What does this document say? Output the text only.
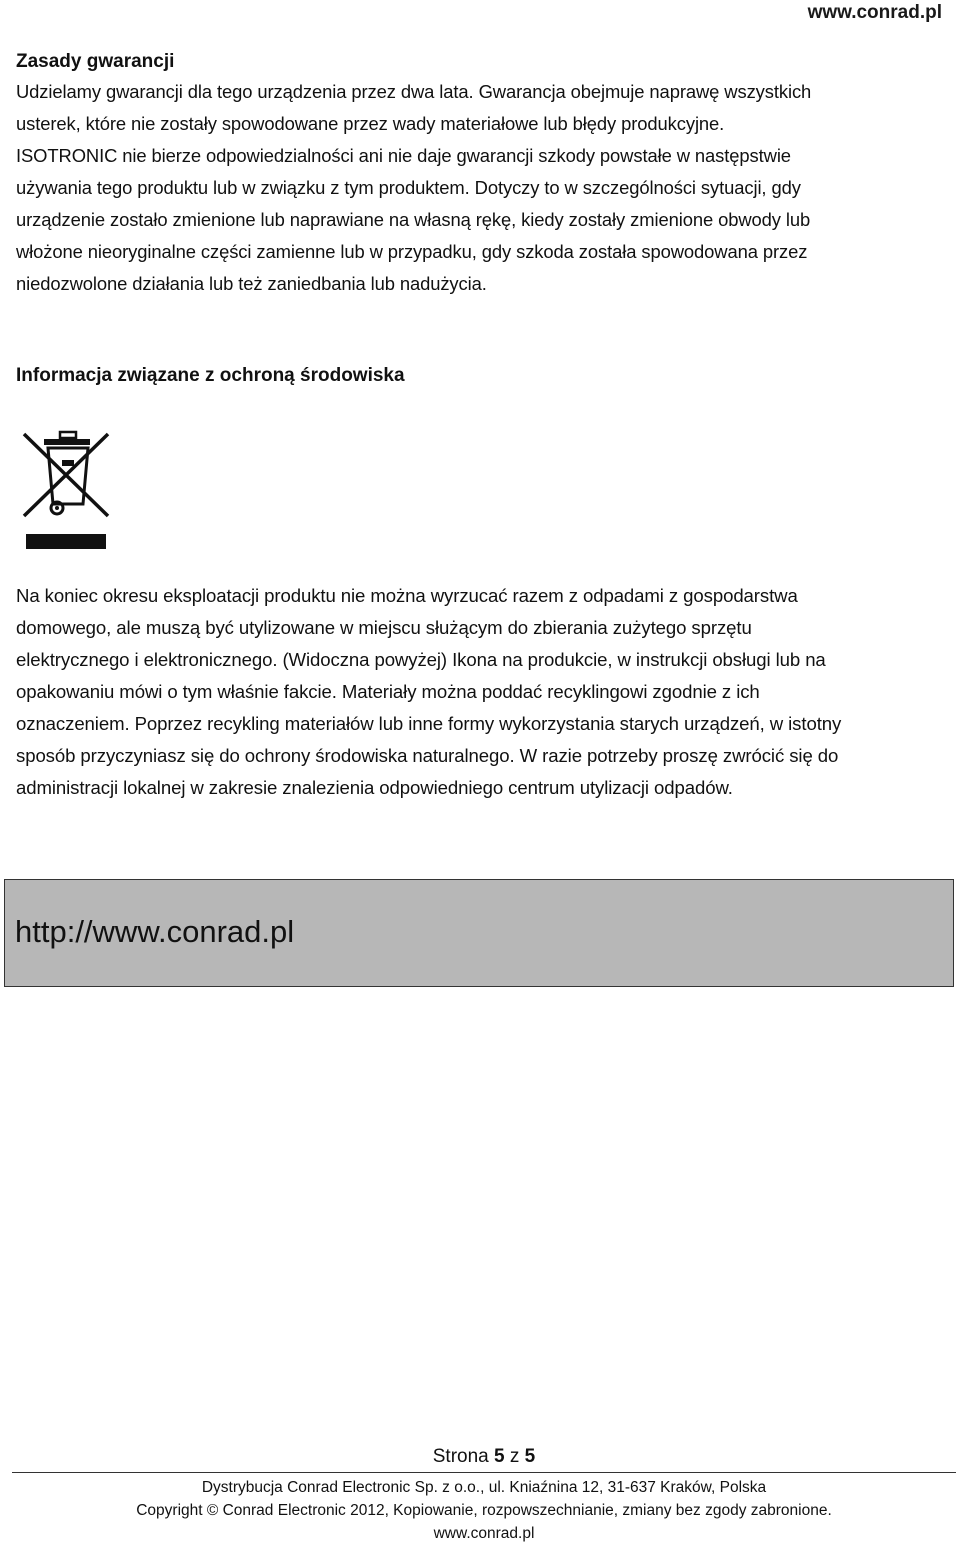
www.conrad.pl
Zasady gwarancji
Udzielamy gwarancji dla tego urządzenia przez dwa lata. Gwarancja obejmuje naprawę wszystkich
usterek, które nie zostały spowodowane przez wady materiałowe lub błędy produkcyjne.
ISOTRONIC nie bierze odpowiedzialności ani nie daje gwarancji szkody powstałe w następstwie
używania tego produktu lub w związku z tym produktem. Dotyczy to w szczególności sytuacji, gdy
urządzenie zostało zmienione lub naprawiane na własną rękę, kiedy zostały zmienione obwody lub
włożone nieoryginalne części zamienne lub w przypadku, gdy szkoda została spowodowana przez
niedozwolone działania lub też zaniedbania lub nadużycia.
Informacja związane z ochroną środowiska
Na koniec okresu eksploatacji produktu nie można wyrzucać razem z odpadami z gospodarstwa
domowego, ale muszą być utylizowane w miejscu służącym do zbierania zużytego sprzętu
elektrycznego i elektronicznego. (Widoczna powyżej) Ikona na produkcie, w instrukcji obsługi lub na
opakowaniu mówi o tym właśnie fakcie. Materiały można poddać recyklingowi zgodnie z ich
oznaczeniem. Poprzez recykling materiałów lub inne formy wykorzystania starych urządzeń, w istotny
sposób przyczyniasz się do ochrony środowiska naturalnego. W razie potrzeby proszę zwrócić się do
administracji lokalnej w zakresie znalezienia odpowiedniego centrum utylizacji odpadów.
http://www.conrad.pl
Strona 5 z 5
Dystrybucja Conrad Electronic Sp. z o.o., ul. Kniaźnina 12, 31-637 Kraków, Polska
Copyright © Conrad Electronic 2012, Kopiowanie, rozpowszechnianie, zmiany bez zgody zabronione.
www.conrad.pl
